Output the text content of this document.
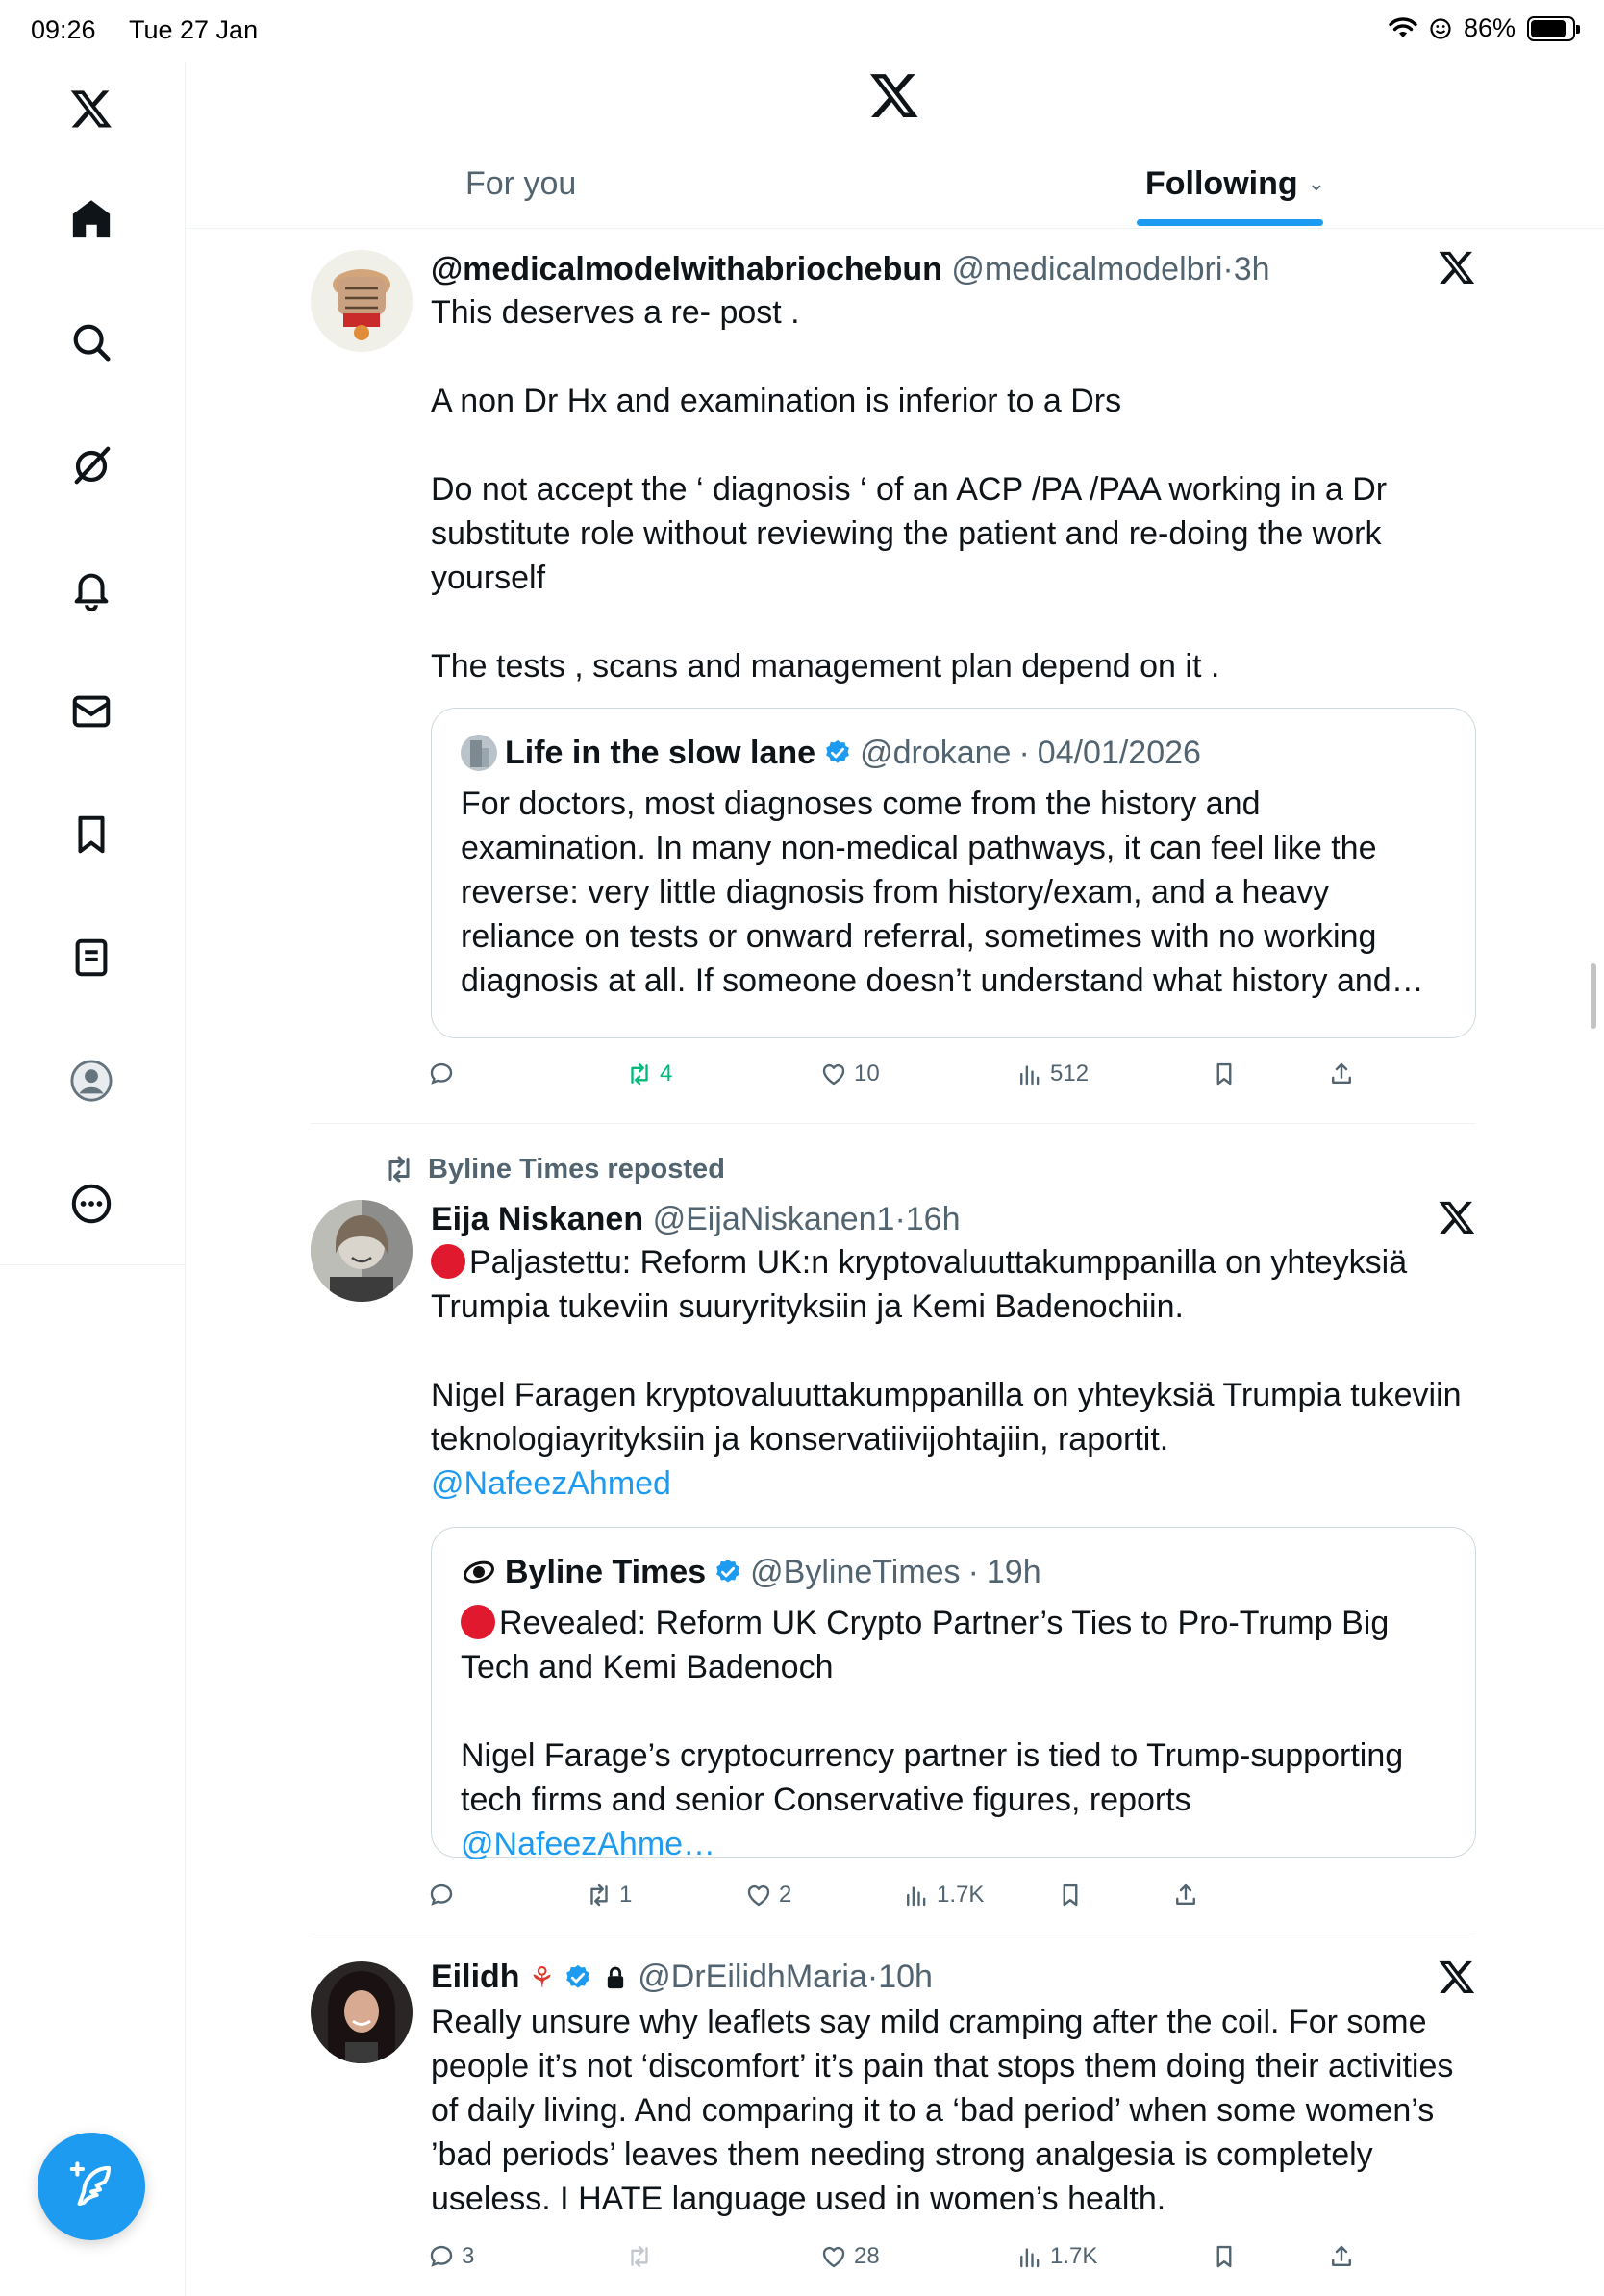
09:26 Tue 27 Jan	86%
For you	Following ⌄
@medicalmodelwithabriochebun @medicalmodelbri·3h

This deserves a re- post .

A non Dr Hx and examination is inferior to a Drs

Do not accept the ‘ diagnosis ‘ of an ACP /PA /PAA working in a Dr substitute role without reviewing the patient and re-doing the work yourself

The tests , scans and management plan depend on it .

Life in the slow lane @drokane · 04/01/2026
For doctors, most diagnoses come from the history and examination. In many non-medical pathways, it can feel like the reverse: very little diagnosis from history/exam, and a heavy reliance on tests or onward referral, sometimes with no working diagnosis at all. If someone doesn’t understand what history and…
4	10	512
Byline Times reposted
Eija Niskanen @EijaNiskanen1·16h

Paljastettu: Reform UK:n kryptovaluuttakumppanilla on yhteyksiä Trumpia tukeviin suuryrityksiin ja Kemi Badenochiin.

Nigel Faragen kryptovaluuttakumppanilla on yhteyksiä Trumpia tukeviin teknologiayrityksiin ja konservatiivijohtajiin, raportit.

@NafeezAhmed

Byline Times @BylineTimes · 19h

Revealed: Reform UK Crypto Partner’s Ties to Pro-Trump Big Tech and Kemi Badenoch

Nigel Farage’s cryptocurrency partner is tied to Trump-supporting tech firms and senior Conservative figures, reports @NafeezAhme…

1	2	1.7K
Eilidh ⚘	@DrEilidhMaria·10h
Really unsure why leaflets say mild cramping after the coil. For some people it’s not ‘discomfort’ it’s pain that stops them doing their activities of daily living. And comparing it to a ‘bad period’ when some women’s ’bad periods’ leaves them needing strong analgesia is completely useless. I HATE language used in women’s health.
3	28	1.7K
